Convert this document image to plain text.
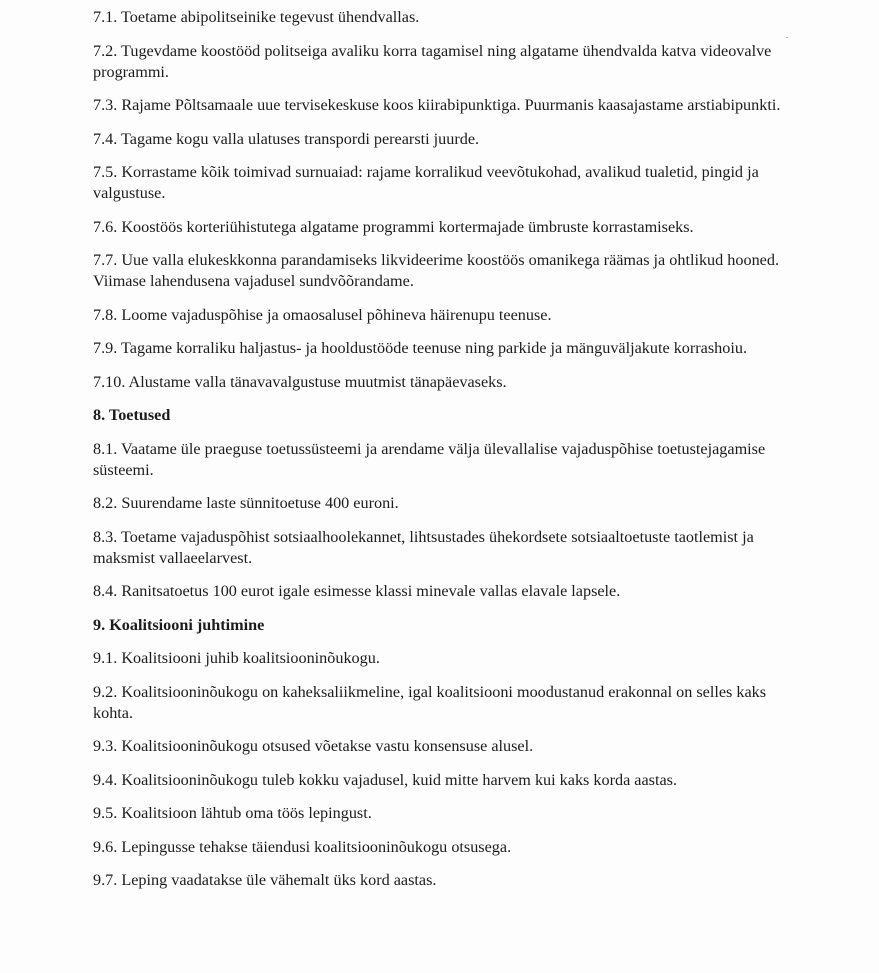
7.1. Toetame abipolitseinike tegevust ühendvallas.

7.2. Tugevdame koostööd politseiga avaliku korra tagamisel ning algatame ühendvalda katva videovalve programmi.

7.3. Rajame Põltsamaale uue tervisekeskuse koos kiirabipunktiga. Puurmanis kaasajastame arstiabipunkti.

7.4. Tagame kogu valla ulatuses transpordi perearsti juurde.

7.5. Korrastame kõik toimivad surnuaiad: rajame korralikud veevõtukohad, avalikud tualetid, pingid ja valgustuse.

7.6. Koostöös korteriühistutega algatame programmi kortermajade ümbruste korrastamiseks.

7.7. Uue valla elukeskkonna parandamiseks likvideerime koostöös omanikega räämas ja ohtlikud hooned. Viimase lahendusena vajadusel sundvõõrandame.

7.8. Loome vajaduspõhise ja omaosalusel põhineva häirenupu teenuse.

7.9. Tagame korraliku haljastus- ja hooldustööde teenuse ning parkide ja mänguväljakute korrashoiu.

7.10. Alustame valla tänavavalgustuse muutmist tänapäevaseks.

8. Toetused

8.1. Vaatame üle praeguse toetussüsteemi ja arendame välja ülevallalise vajaduspõhise toetustejagamise süsteemi.

8.2. Suurendame laste sünnitoetuse 400 euroni.

8.3. Toetame vajaduspõhist sotsiaalhoolekannet, lihtsustades ühekordsete sotsiaaltoetuste taotlemist ja maksmist vallaeelarvest.

8.4. Ranitsatoetus 100 eurot igale esimesse klassi minevale vallas elavale lapsele.

9. Koalitsiooni juhtimine

9.1. Koalitsiooni juhib koalitsiooninõukogu.

9.2. Koalitsiooninõukogu on kaheksaliikmeline, igal koalitsiooni moodustanud erakonnal on selles kaks kohta.

9.3. Koalitsiooninõukogu otsused võetakse vastu konsensuse alusel.

9.4. Koalitsiooninõukogu tuleb kokku vajadusel, kuid mitte harvem kui kaks korda aastas.

9.5. Koalitsioon lähtub oma töös lepingust.

9.6. Lepingusse tehakse täiendusi koalitsiooninõukogu otsusega.

9.7. Leping vaadatakse üle vähemalt üks kord aastas.
